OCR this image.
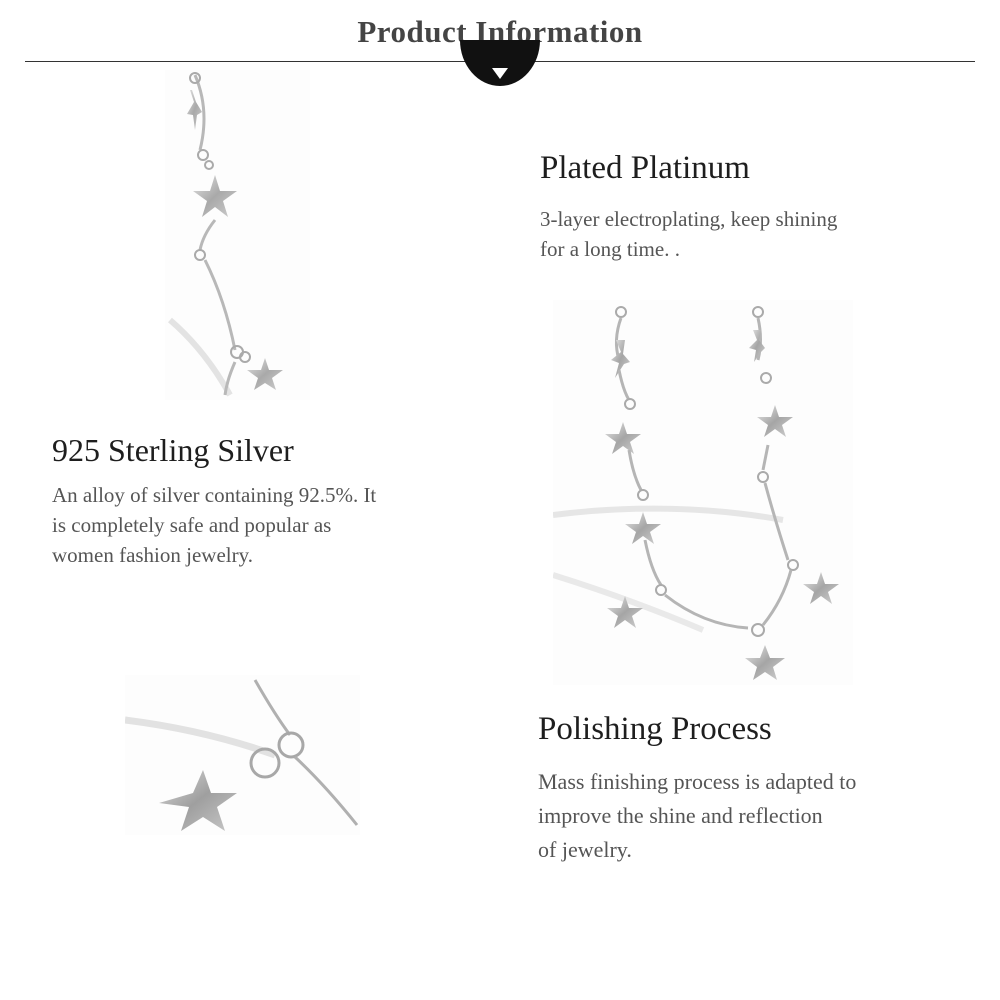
Product Information
Plated Platinum
3-layer electroplating, keep shining
for a long time. .
925 Sterling Silver
An alloy of silver containing 92.5%. It
is completely safe and popular as
women fashion jewelry.
Polishing Process
Mass finishing process is adapted to
improve the shine and reflection
of jewelry.
